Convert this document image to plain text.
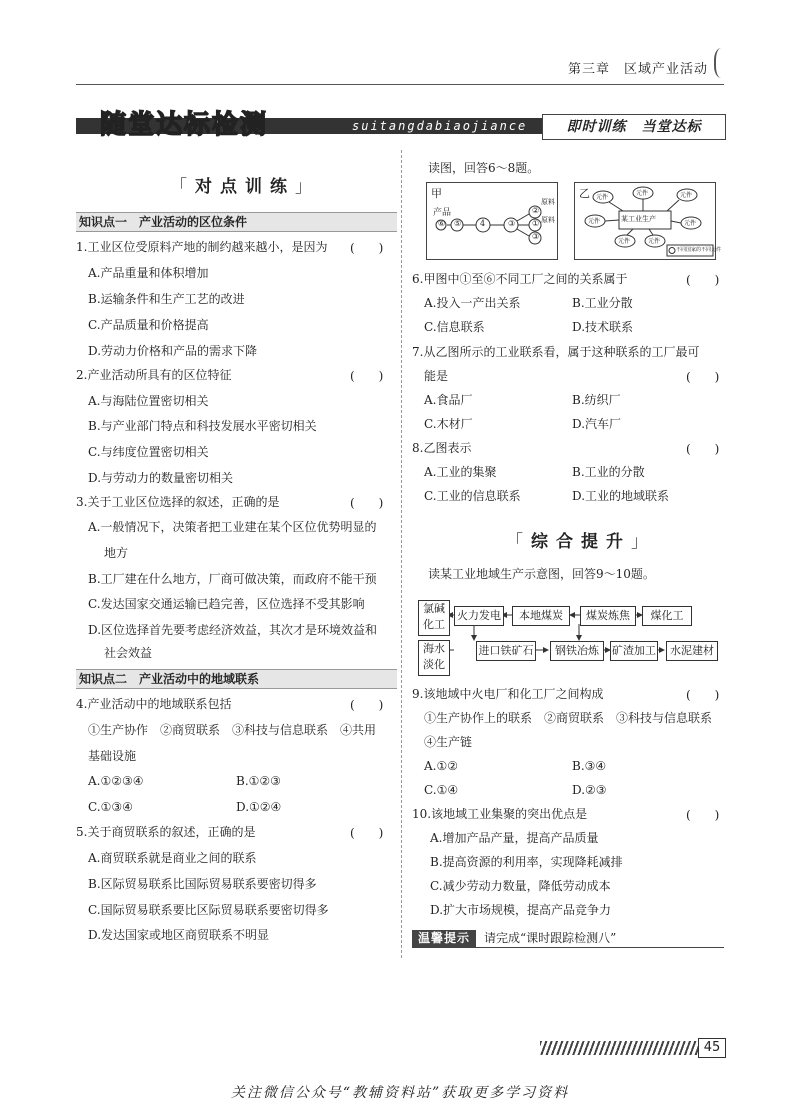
第三章　区域产业活动
随堂达标检测	suitangdabiaojiance	即时训练　当堂达标
「 对点训练 」
知识点一　产业活动的区位条件
1.工业区位受原料产地的制约越来越小，是因为 (　　)
A.产品重量和体积增加
B.运输条件和生产工艺的改进
C.产品质量和价格提高
D.劳动力价格和产品的需求下降
2.产业活动所具有的区位特征	(　　)
A.与海陆位置密切相关
B.与产业部门特点和科技发展水平密切相关
C.与纬度位置密切相关
D.与劳动力的数量密切相关
3.关于工业区位选择的叙述，正确的是	(　　)
A.一般情况下，决策者把工业建在某个区位优势明显的
地方
B.工厂建在什么地方，厂商可做决策，而政府不能干预
C.发达国家交通运输已趋完善，区位选择不受其影响
D.区位选择首先要考虑经济效益，其次才是环境效益和
社会效益
知识点二　产业活动中的地域联系
4.产业活动中的地域联系包括	(　　)
①生产协作　②商贸联系　③科技与信息联系　④共用
基础设施
A.①②③④	B.①②③
C.①③④	D.①②④
5.关于商贸联系的叙述，正确的是	(　　)
A.商贸联系就是商业之间的联系
B.区际贸易联系比国际贸易联系要密切得多
C.国际贸易联系要比区际贸易联系要密切得多
D.发达国家或地区商贸联系不明显
读图，回答6～8题。
甲
产品
原料
原料
⑥ ⑤ 4	③
②
①
③
乙
某工业生产
元件
元件	元件
元件	元件
元件	元件
不同国家的不同元件
6.甲图中①至⑥不同工厂之间的关系属于	(　　)
A.投入一产出关系	B.工业分散
C.信息联系	D.技术联系
7.从乙图所示的工业联系看，属于这种联系的工厂最可
能是	(　　)
A.食品厂	B.纺织厂
C.木材厂	D.汽车厂
8.乙图表示	(　　)
A.工业的集聚	B.工业的分散
C.工业的信息联系	D.工业的地域联系
「 综合提升 」
读某工业地域生产示意图，回答9～10题。
氯碱化工
火力发电	本地煤炭	煤炭炼焦	煤化工
海水淡化
进口铁矿石	钢铁冶炼	矿渣加工	水泥建材
9.该地域中火电厂和化工厂之间构成	(　　)
①生产协作上的联系　②商贸联系　③科技与信息联系
④生产链
A.①②	B.③④
C.①④	D.②③
10.该地域工业集聚的突出优点是	(　　)
A.增加产品产量，提高产品质量
B.提高资源的利用率，实现降耗减排
C.减少劳动力数量，降低劳动成本
D.扩大市场规模，提高产品竞争力
温馨提示	请完成“课时跟踪检测八”
45
关注微信公众号“教辅资料站”获取更多学习资料
